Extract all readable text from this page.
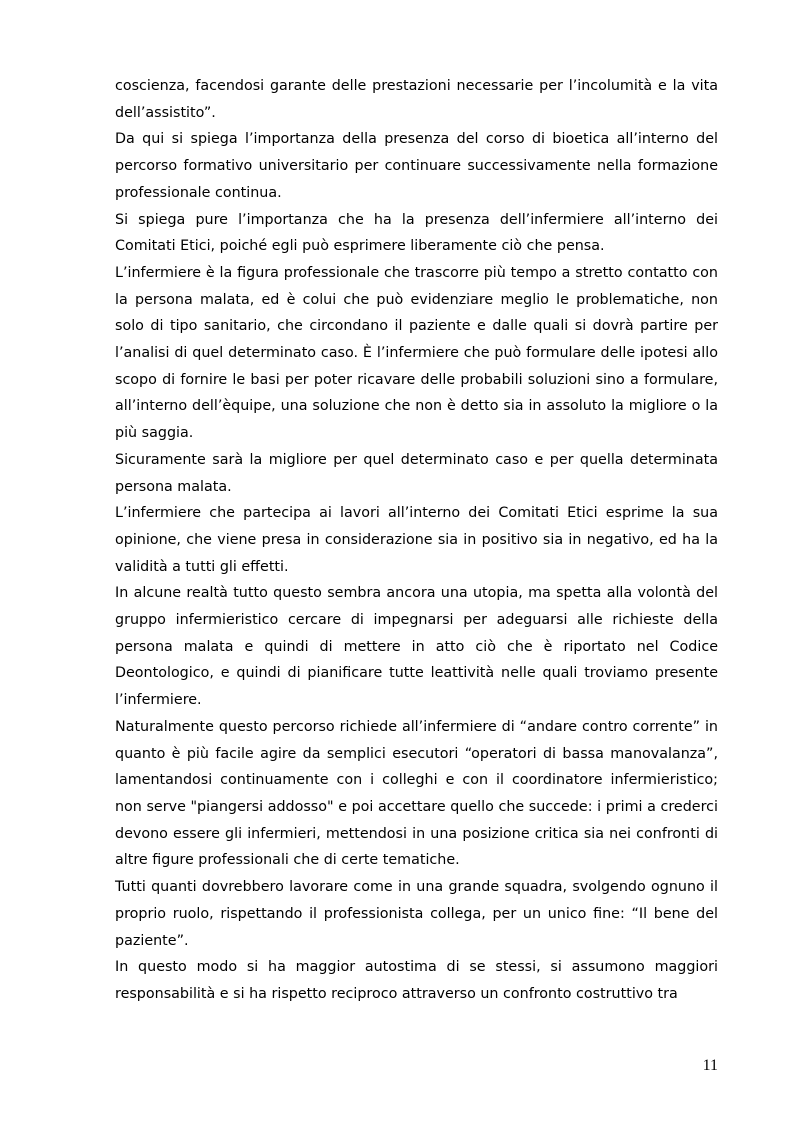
coscienza, facendosi garante delle prestazioni necessarie per l’incolumità e la vita dell’assistito”.

Da qui si spiega l’importanza della presenza del corso di bioetica all’interno del percorso formativo universitario per continuare successivamente nella formazione professionale continua.

Si spiega pure l’importanza che ha la presenza dell’infermiere all’interno dei Comitati Etici, poiché egli può esprimere liberamente ciò che pensa.

L’infermiere è la figura professionale che trascorre più tempo a stretto contatto con la persona malata, ed è colui che può evidenziare meglio le problematiche, non solo di tipo sanitario, che circondano il paziente e dalle quali si dovrà partire per l’analisi di quel determinato caso. È l’infermiere che può formulare delle ipotesi allo scopo di fornire le basi per poter ricavare delle probabili soluzioni sino a formulare, all’interno dell’èquipe, una soluzione che non è detto sia in assoluto la migliore o la più saggia.

Sicuramente sarà la migliore per quel determinato caso e per quella determinata persona malata.

L’infermiere che partecipa ai lavori all’interno dei Comitati Etici esprime la sua opinione, che viene presa in considerazione sia in positivo sia in negativo, ed ha la validità a tutti gli effetti.

In alcune realtà tutto questo sembra ancora una utopia, ma spetta alla volontà del gruppo infermieristico cercare di impegnarsi per adeguarsi alle richieste della persona malata e quindi di mettere in atto ciò che è riportato nel Codice Deontologico, e quindi di pianificare tutte leattività nelle quali troviamo presente l’infermiere.

Naturalmente questo percorso richiede all’infermiere di “andare contro corrente” in quanto è più facile agire da semplici esecutori “operatori di bassa manovalanza”, lamentandosi continuamente con i colleghi e con il coordinatore infermieristico; non serve "piangersi addosso" e poi accettare quello che succede: i primi a crederci devono essere gli infermieri, mettendosi in una posizione critica sia nei confronti di altre figure professionali che di certe tematiche.

Tutti quanti dovrebbero lavorare come in una grande squadra, svolgendo ognuno il proprio ruolo, rispettando il professionista collega, per un unico fine: “Il bene del paziente”.

In questo modo si ha maggior autostima di se stessi, si assumono maggiori responsabilità e si ha rispetto reciproco attraverso un confronto costruttivo tra

11
